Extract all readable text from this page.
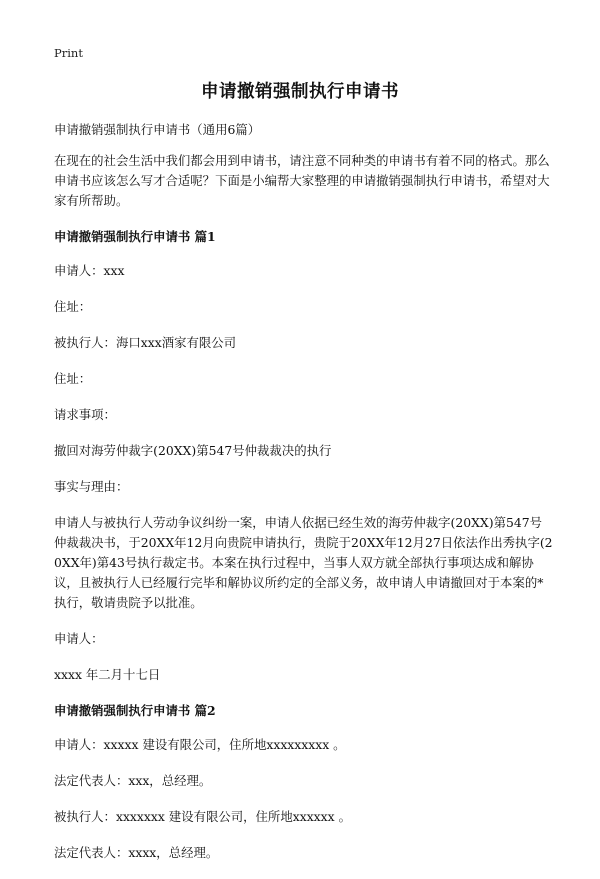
Print
申请撤销强制执行申请书

申请撤销强制执行申请书（通用6篇）

在现在的社会生活中我们都会用到申请书，请注意不同种类的申请书有着不同的格式。那么申请书应该怎么写才合适呢？下面是小编帮大家整理的申请撤销强制执行申请书，希望对大家有所帮助。

申请撤销强制执行申请书 篇1

申请人：xxx

住址：

被执行人：海口xxx酒家有限公司

住址：

请求事项：

撤回对海劳仲裁字(20XX)第547号仲裁裁决的执行

事实与理由：

申请人与被执行人劳动争议纠纷一案，申请人依据已经生效的海劳仲裁字(20XX)第547号仲裁裁决书，于20XX年12月向贵院申请执行，贵院于20XX年12月27日依法作出秀执字(20XX年)第43号执行裁定书。本案在执行过程中，当事人双方就全部执行事项达成和解协议，且被执行人已经履行完毕和解协议所约定的全部义务，故申请人申请撤回对于本案的*执行，敬请贵院予以批准。

申请人：

xxxx 年二月十七日

申请撤销强制执行申请书 篇2

申请人：xxxxx 建设有限公司，住所地xxxxxxxxx 。

法定代表人：xxx，总经理。

被执行人：xxxxxxx 建设有限公司，住所地xxxxxx 。

法定代表人：xxxx，总经理。
